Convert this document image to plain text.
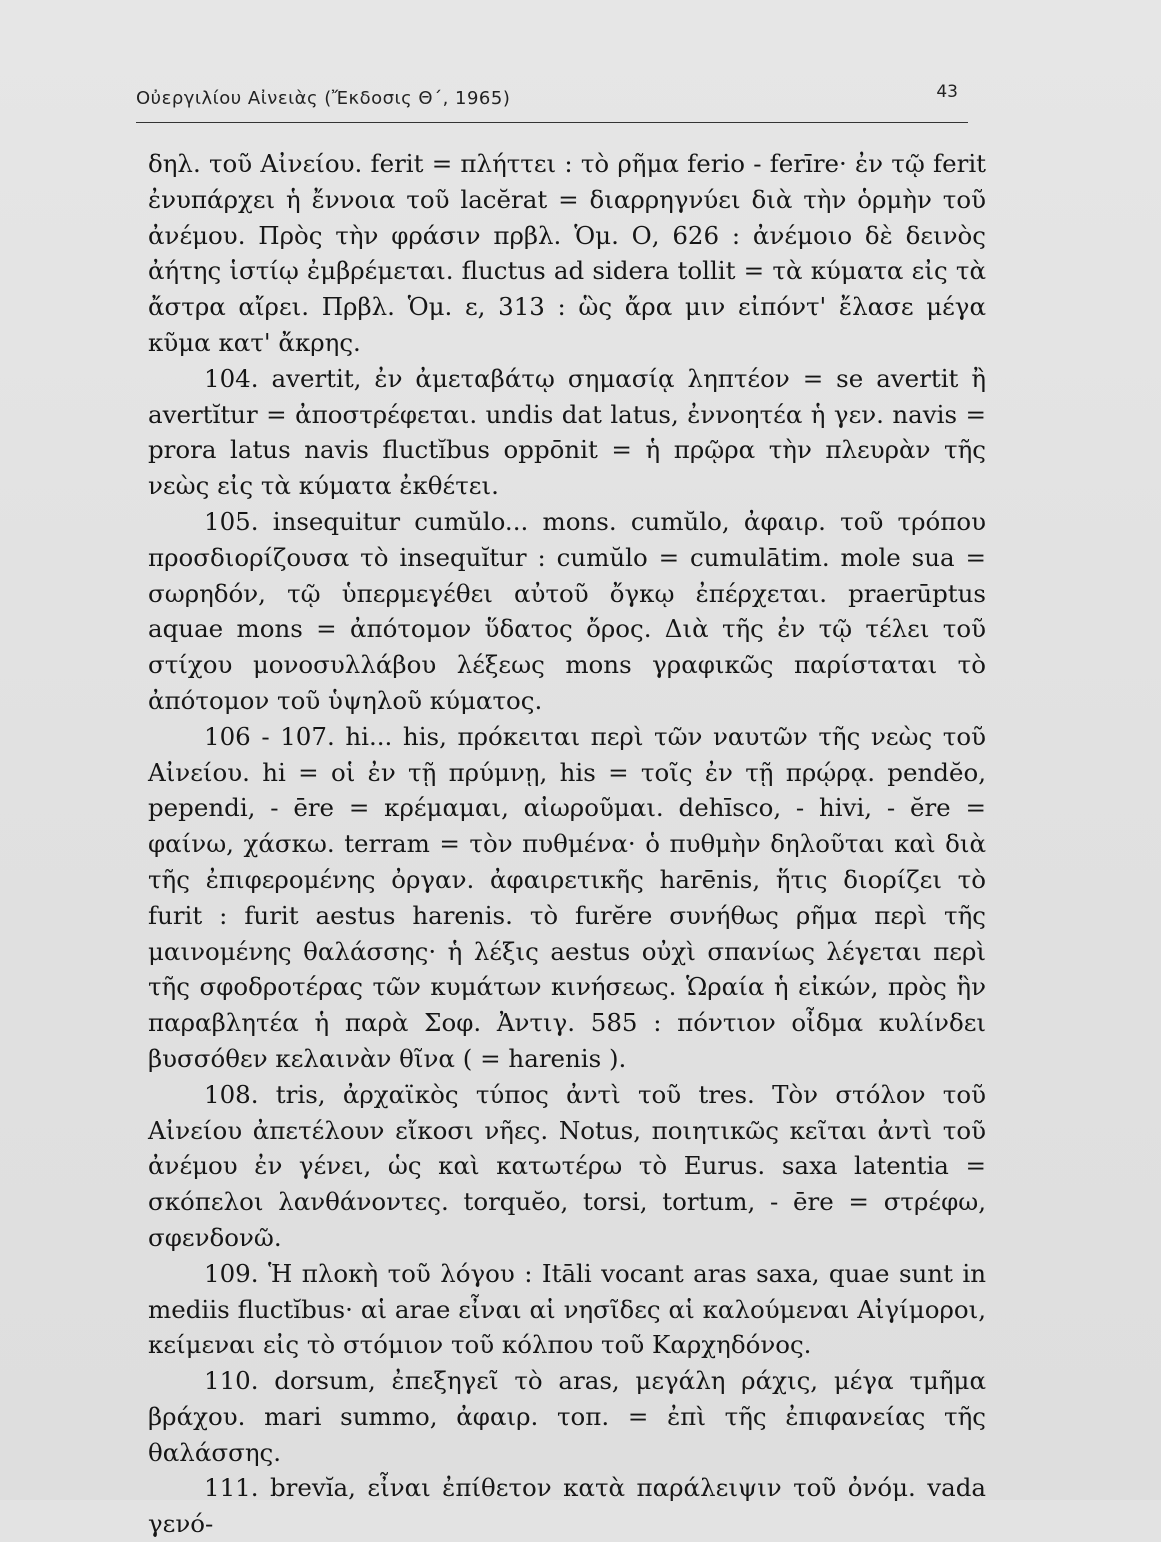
Οὐεργιλίου Αἰνειὰς (Ἔκδοσις Θ΄, 1965)	43

δηλ. τοῦ Αἰνείου. ferit = πλήττει : τὸ ρῆμα ferio - ferīre· ἐν τῷ ferit ἐνυπάρχει ἡ ἔννοια τοῦ lacĕrat = διαρρηγνύει διὰ τὴν ὁρμὴν τοῦ ἀνέμου. Πρὸς τὴν φράσιν πρβλ. Ὁμ. Ο, 626 : ἀνέμοιο δὲ δεινὸς ἀήτης ἱστίῳ ἐμβρέμεται. fluctus ad sidera tollit = τὰ κύματα εἰς τὰ ἄστρα αἴρει. Πρβλ. Ὁμ. ε, 313 : ὣς ἄρα μιν εἰπόντ' ἔλασε μέγα κῦμα κατ' ἄκρης.

104. avertit, ἐν ἀμεταβάτῳ σημασίᾳ ληπτέον = se avertit ἢ avertĭtur = ἀποστρέφεται. undis dat latus, ἐννοητέα ἡ γεν. navis = prora latus navis fluctĭbus oppōnit = ἡ πρῷρα τὴν πλευρὰν τῆς νεὼς εἰς τὰ κύματα ἐκθέτει.

105. insequitur cumŭlo... mons. cumŭlo, ἀφαιρ. τοῦ τρόπου προσδιορίζουσα τὸ insequĭtur : cumŭlo = cumulātim. mole sua = σωρηδόν, τῷ ὑπερμεγέθει αὐτοῦ ὄγκῳ ἐπέρχεται. praerūptus aquae mons = ἀπότομον ὕδατος ὄρος. Διὰ τῆς ἐν τῷ τέλει τοῦ στίχου μονοσυλλάβου λέξεως mons γραφικῶς παρίσταται τὸ ἀπότομον τοῦ ὑψηλοῦ κύματος.

106 - 107. hi... his, πρόκειται περὶ τῶν ναυτῶν τῆς νεὼς τοῦ Αἰνείου. hi = οἱ ἐν τῇ πρύμνῃ, his = τοῖς ἐν τῇ πρῴρᾳ. pendĕo, pependi, - ēre = κρέμαμαι, αἰωροῦμαι. dehīsco, - hivi, - ĕre = φαίνω, χάσκω. terram = τὸν πυθμένα· ὁ πυθμὴν δηλοῦται καὶ διὰ τῆς ἐπιφερομένης ὀργαν. ἀφαιρετικῆς harēnis, ἥτις διορίζει τὸ furit : furit aestus harenis. τὸ furĕre συνήθως ρῆμα περὶ τῆς μαινομένης θαλάσσης· ἡ λέξις aestus οὐχὶ σπανίως λέγεται περὶ τῆς σφοδροτέρας τῶν κυμάτων κινήσεως. Ὡραία ἡ εἰκών, πρὸς ἣν παραβλητέα ἡ παρὰ Σοφ. Ἀντιγ. 585 : πόντιον οἶδμα κυλίνδει βυσσόθεν κελαινὰν θῖνα ( = harenis ).

108. tris, ἀρχαϊκὸς τύπος ἀντὶ τοῦ tres. Τὸν στόλον τοῦ Αἰνείου ἀπετέλουν εἴκοσι νῆες. Notus, ποιητικῶς κεῖται ἀντὶ τοῦ ἀνέμου ἐν γένει, ὡς καὶ κατωτέρω τὸ Eurus. saxa latentia = σκόπελοι λανθάνοντες. torquĕo, torsi, tortum, - ēre = στρέφω, σφενδονῶ.

109. Ἡ πλοκὴ τοῦ λόγου : Itāli vocant aras saxa, quae sunt in mediis fluctĭbus· αἱ arae εἶναι αἱ νησῖδες αἱ καλούμεναι Αἰγίμοροι, κείμεναι εἰς τὸ στόμιον τοῦ κόλπου τοῦ Καρχηδόνος.

110. dorsum, ἐπεξηγεῖ τὸ aras, μεγάλη ράχις, μέγα τμῆμα βράχου. mari summo, ἀφαιρ. τοπ. = ἐπὶ τῆς ἐπιφανείας τῆς θαλάσσης.

111. brevĭa, εἶναι ἐπίθετον κατὰ παράλειψιν τοῦ ὀνόμ. vada γενό-
